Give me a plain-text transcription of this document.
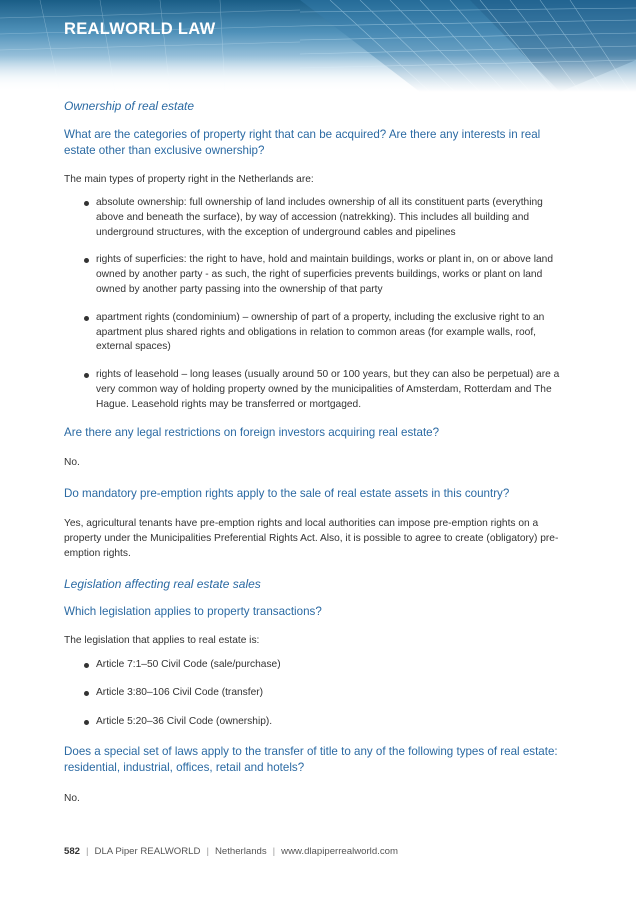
REALWORLD LAW

Ownership of real estate

What are the categories of property right that can be acquired? Are there any interests in real estate other than exclusive ownership?

The main types of property right in the Netherlands are:

absolute ownership: full ownership of land includes ownership of all its constituent parts (everything above and beneath the surface), by way of accession (natrekking). This includes all building and underground structures, with the exception of underground cables and pipelines
rights of superficies: the right to have, hold and maintain buildings, works or plant in, on or above land owned by another party - as such, the right of superficies prevents buildings, works or plant on land owned by another party passing into the ownership of that party
apartment rights (condominium) – ownership of part of a property, including the exclusive right to an apartment plus shared rights and obligations in relation to common areas (for example walls, roof, external spaces)
rights of leasehold – long leases (usually around 50 or 100 years, but they can also be perpetual) are a very common way of holding property owned by the municipalities of Amsterdam, Rotterdam and The Hague. Leasehold rights may be transferred or mortgaged.

Are there any legal restrictions on foreign investors acquiring real estate?

No.

Do mandatory pre-emption rights apply to the sale of real estate assets in this country?

Yes, agricultural tenants have pre-emption rights and local authorities can impose pre-emption rights on a property under the Municipalities Preferential Rights Act. Also, it is possible to agree to create (obligatory) pre-emption rights.

Legislation affecting real estate sales

Which legislation applies to property transactions?

The legislation that applies to real estate is:

Article 7:1–50 Civil Code (sale/purchase)
Article 3:80–106 Civil Code (transfer)
Article 5:20–36 Civil Code (ownership).

Does a special set of laws apply to the transfer of title to any of the following types of real estate: residential, industrial, offices, retail and hotels?

No.

582 | DLA Piper REALWORLD | Netherlands | www.dlapiperrealworld.com
